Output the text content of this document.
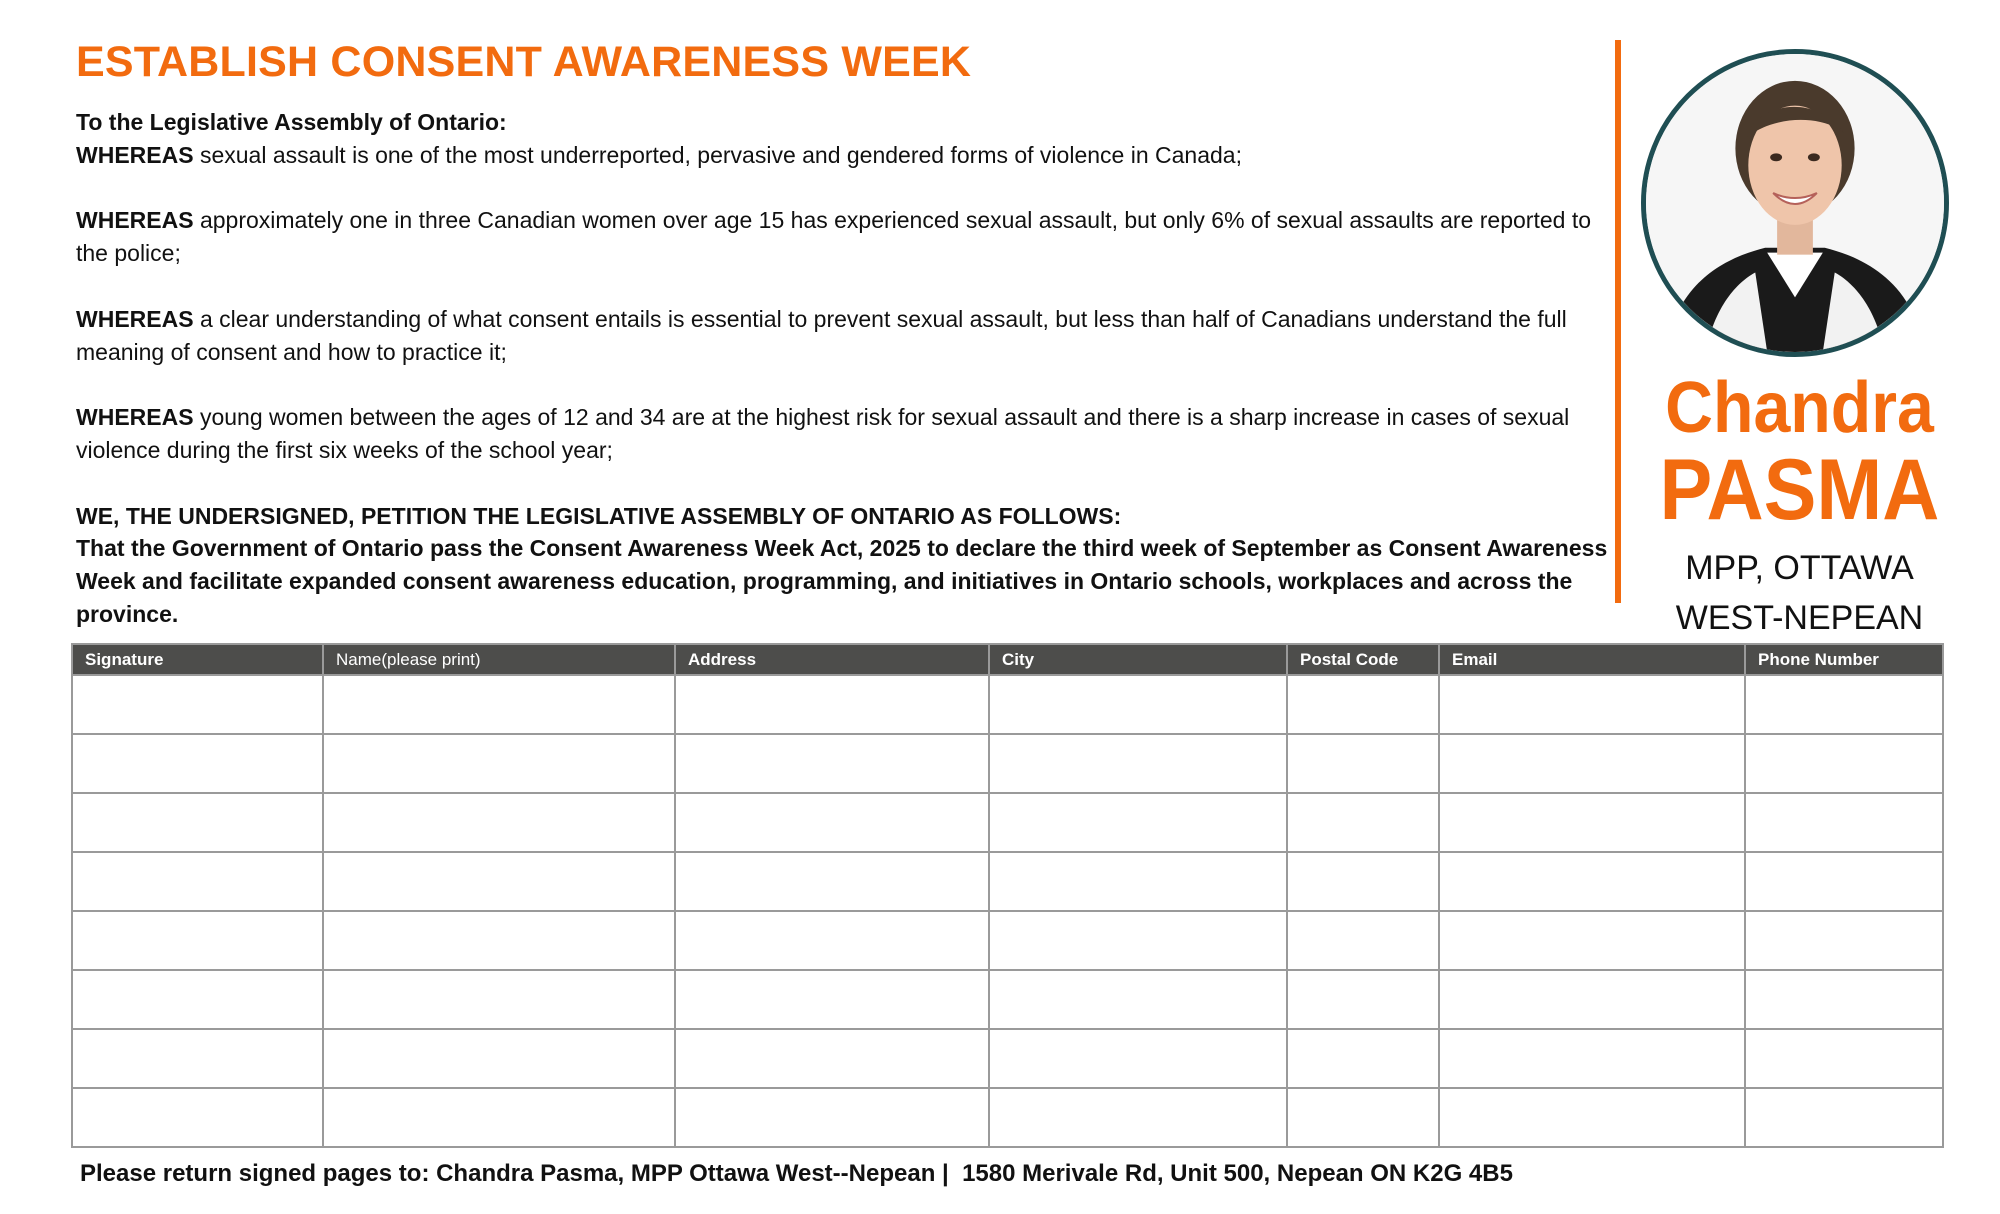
ESTABLISH CONSENT AWARENESS WEEK

To the Legislative Assembly of Ontario:

WHEREAS sexual assault is one of the most underreported, pervasive and gendered forms of violence in Canada;

WHEREAS approximately one in three Canadian women over age 15 has experienced sexual assault, but only 6% of sexual assaults are reported to the police;

WHEREAS a clear understanding of what consent entails is essential to prevent sexual assault, but less than half of Canadians understand the full meaning of consent and how to practice it;

WHEREAS young women between the ages of 12 and 34 are at the highest risk for sexual assault and there is a sharp increase in cases of sexual violence during the first six weeks of the school year;

WE, THE UNDERSIGNED, PETITION THE LEGISLATIVE ASSEMBLY OF ONTARIO AS FOLLOWS:

That the Government of Ontario pass the Consent Awareness Week Act, 2025 to declare the third week of September as Consent Awareness Week and facilitate expanded consent awareness education, programming, and initiatives in Ontario schools, workplaces and across the province.

Chandra
PASMA
MPP, OTTAWA
WEST-NEPEAN
Signature	Name(please print)	Address	City	Postal Code	Email	Phone Number

Please return signed pages to: Chandra Pasma, MPP Ottawa West--Nepean |  1580 Merivale Rd, Unit 500, Nepean ON K2G 4B5
